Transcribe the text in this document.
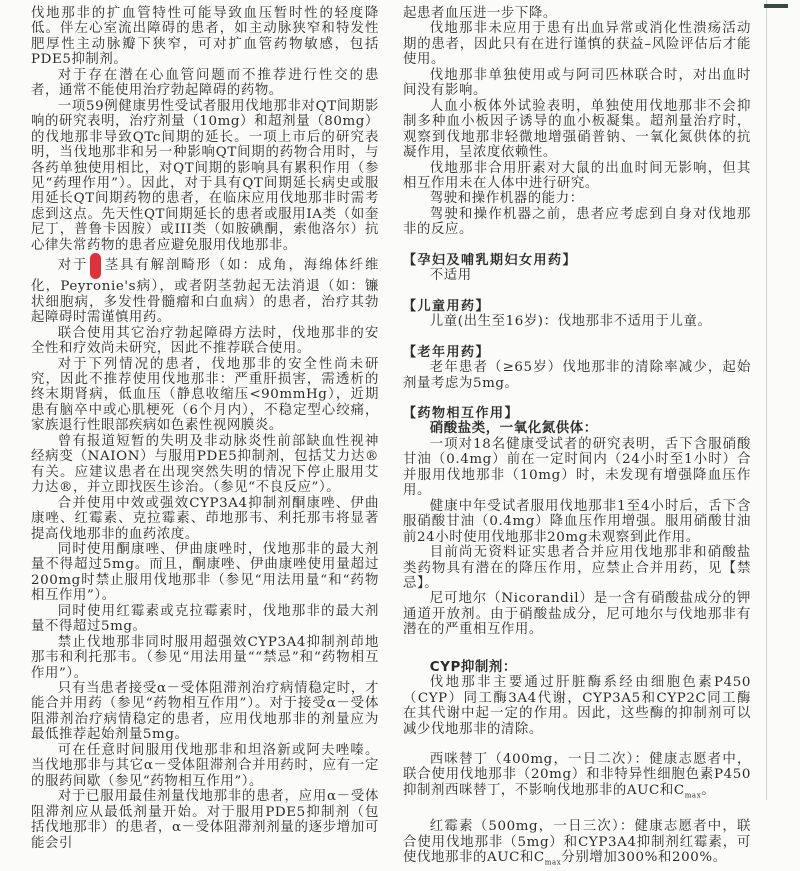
伐地那非的扩血管特性可能导致血压暂时性的轻度降低。伴左心室流出障碍的患者，如主动脉狭窄和特发性肥厚性主动脉瓣下狭窄，可对扩血管药物敏感，包括PDE5抑制剂。

对于存在潜在心血管问题而不推荐进行性交的患者，通常不能使用治疗勃起障碍的药物。

一项59例健康男性受试者服用伐地那非对QT间期影响的研究表明，治疗剂量（10mg）和超剂量（80mg）的伐地那非导致QTc间期的延长。一项上市后的研究表明，当伐地那非和另一种影响QT间期的药物合用时，与各药单独使用相比，对QT间期的影响具有累积作用（参见“药理作用”）。因此，对于具有QT间期延长病史或服用延长QT间期药物的患者，在临床应用伐地那非时需考虑到这点。先天性QT间期延长的患者或服用IA类（如奎尼丁，普鲁卡因胺）或III类（如胺碘酮，索他洛尔）抗心律失常药物的患者应避免服用伐地那非。

对于 茎具有解剖畸形（如：成角，海绵体纤维化，Peyronie's病），或者阴茎勃起无法消退（如：镰状细胞病，多发性骨髓瘤和白血病）的患者，治疗其勃起障碍时需谨慎用药。

联合使用其它治疗勃起障碍方法时，伐地那非的安全性和疗效尚未研究，因此不推荐联合使用。

对于下列情况的患者，伐地那非的安全性尚未研究，因此不推荐使用伐地那非：严重肝损害，需透析的终末期肾病，低血压（静息收缩压<90mmHg），近期患有脑卒中或心肌梗死（6个月内），不稳定型心绞痛，家族退行性眼部疾病如色素性视网膜炎。

曾有报道短暂的失明及非动脉炎性前部缺血性视神经病变（NAION）与服用PDE5抑制剂，包括艾力达®有关。应建议患者在出现突然失明的情况下停止服用艾力达®，并立即找医生诊治。（参见“不良反应”）。

合并使用中效或强效CYP3A4抑制剂酮康唑、伊曲康唑、红霉素、克拉霉素、茚地那韦、利托那韦将显著提高伐地那非的血药浓度。

同时使用酮康唑、伊曲康唑时，伐地那非的最大剂量不得超过5mg。而且，酮康唑、伊曲康唑使用量超过200mg时禁止服用伐地那非（参见“用法用量“和“药物相互作用”）。

同时使用红霉素或克拉霉素时，伐地那非的最大剂量不得超过5mg。

禁止伐地那非同时服用超强效CYP3A4抑制剂茚地那韦和利托那韦。（参见“用法用量““禁忌”和“药物相互作用”）。

只有当患者接受α－受体阻滞剂治疗病情稳定时，才能合并用药（参见“药物相互作用”）。对于接受α－受体阻滞剂治疗病情稳定的患者，应用伐地那非的剂量应为最低推荐起始剂量5mg。

可在任意时间服用伐地那非和坦洛新或阿夫唑嗪。当伐地那非与其它α－受体阻滞剂合并用药时，应有一定的服药间歇（参见“药物相互作用”）。

对于已服用最佳剂量伐地那非的患者，应用α－受体阻滞剂应从最低剂量开始。对于服用PDE5抑制剂（包括伐地那非）的患者，α－受体阻滞剂剂量的逐步增加可能会引

起患者血压进一步下降。

伐地那非未应用于患有出血异常或消化性溃疡活动期的患者，因此只有在进行谨慎的获益–风险评估后才能使用。

伐地那非单独使用或与阿司匹林联合时，对出血时间没有影响。

人血小板体外试验表明，单独使用伐地那非不会抑制多种血小板因子诱导的血小板凝集。超剂量治疗时，观察到伐地那非轻微地增强硝普钠、一氧化氮供体的抗凝作用，呈浓度依赖性。

伐地那非合用肝素对大鼠的出血时间无影响，但其相互作用未在人体中进行研究。

驾驶和操作机器的能力：

驾驶和操作机器之前，患者应考虑到自身对伐地那非的反应。

【孕妇及哺乳期妇女用药】

不适用

【儿童用药】

儿童(出生至16岁)：伐地那非不适用于儿童。

【老年用药】

老年患者（≥65岁）伐地那非的清除率减少，起始剂量考虑为5mg。

【药物相互作用】

硝酸盐类，一氧化氮供体：

一项对18名健康受试者的研究表明，舌下含服硝酸甘油（0.4mg）前在一定时间内（24小时至1小时）合并服用伐地那非（10mg）时，未发现有增强降血压作用。

健康中年受试者服用伐地那非1至4小时后，舌下含服硝酸甘油（0.4mg）降血压作用增强。服用硝酸甘油前24小时使用伐地那非20mg未观察到此作用。

目前尚无资料证实患者合并应用伐地那非和硝酸盐类药物具有潜在的降压作用，应禁止合并用药，见【禁忌】。

尼可地尔（Nicorandil）是一含有硝酸盐成分的钾通道开放剂。由于硝酸盐成分，尼可地尔与伐地那非有潜在的严重相互作用。

CYP抑制剂：

伐地那非主要通过肝脏酶系经由细胞色素P450（CYP）同工酶3A4代谢，CYP3A5和CYP2C同工酶在其代谢中起一定的作用。因此，这些酶的抑制剂可以减少伐地那非的清除。

西咪替丁（400mg，一日二次）：健康志愿者中，联合使用伐地那非（20mg）和非特异性细胞色素P450抑制剂西咪替丁，不影响伐地那非的AUC和$C_{max}$。

红霉素（500mg，一日三次）：健康志愿者中，联合使用伐地那非（5mg）和CYP3A4抑制剂红霉素，可使伐地那非的AUC和$C_{max}$分别增加300%和200%。
